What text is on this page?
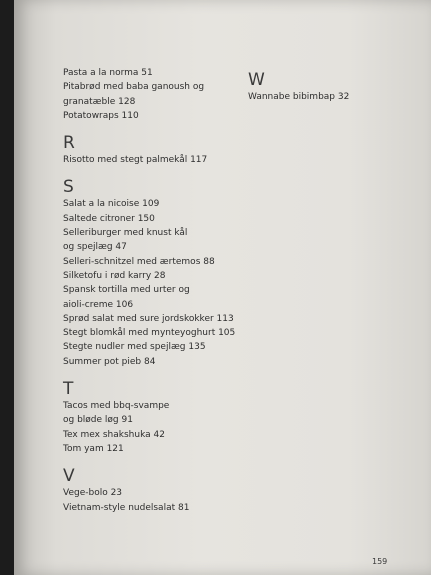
Pasta a la norma 51
Pitabrød med baba ganoush og
granatæble 128
Potatowraps 110
R
Risotto med stegt palmekål 117
S
Salat a la nicoise 109
Saltede citroner 150
Selleriburger med knust kål
og spejlæg 47
Selleri-schnitzel med ærtemos 88
Silketofu i rød karry 28
Spansk tortilla med urter og
aioli-creme 106
Sprød salat med sure jordskokker 113
Stegt blomkål med mynteyoghurt 105
Stegte nudler med spejlæg 135
Summer pot pieb 84
T
Tacos med bbq-svampe
og bløde løg 91
Tex mex shakshuka 42
Tom yam 121
V
Vege-bolo 23
Vietnam-style nudelsalat 81
W
Wannabe bibimbap 32
159
